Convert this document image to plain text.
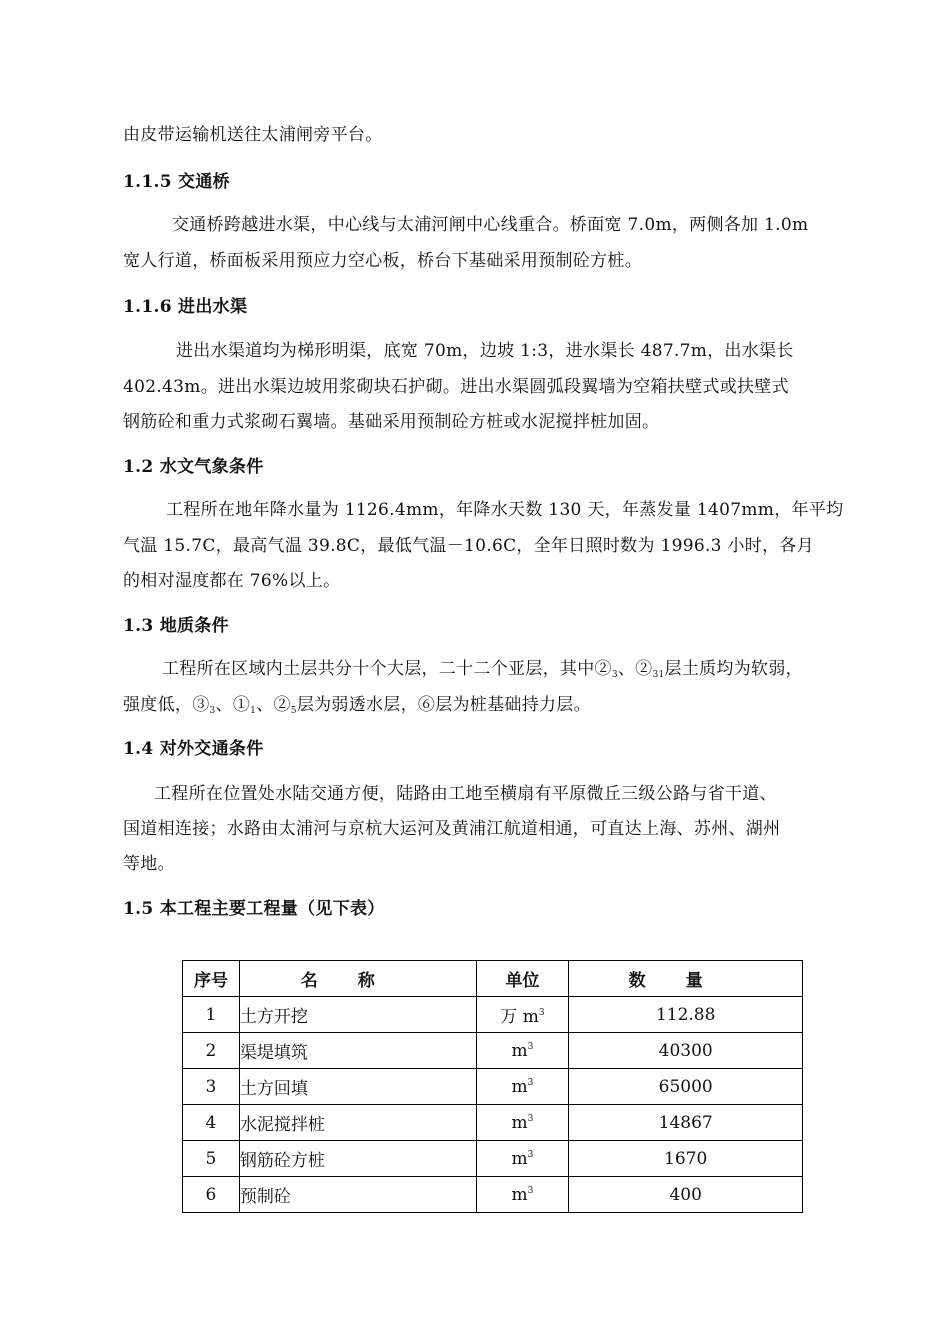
由皮带运输机送往太浦闸旁平台。
1.1.5 交通桥
交通桥跨越进水渠，中心线与太浦河闸中心线重合。桥面宽 7.0m，两侧各加 1.0m
宽人行道，桥面板采用预应力空心板，桥台下基础采用预制砼方桩。
1.1.6 进出水渠
进出水渠道均为梯形明渠，底宽 70m，边坡 1:3，进水渠长 487.7m，出水渠长
402.43m。进出水渠边坡用浆砌块石护砌。进出水渠圆弧段翼墙为空箱扶壁式或扶壁式
钢筋砼和重力式浆砌石翼墙。基础采用预制砼方桩或水泥搅拌桩加固。
1.2 水文气象条件
工程所在地年降水量为 1126.4mm，年降水天数 130 天，年蒸发量 1407mm，年平均
气温 15.7C，最高气温 39.8C，最低气温－10.6C，全年日照时数为 1996.3 小时，各月
的相对湿度都在 76%以上。
1.3 地质条件
工程所在区域内土层共分十个大层，二十二个亚层，其中$②_3$、$②_{31}$层土质均为软弱，
强度低，$③_3$、$①_1$、$②_5$层为弱透水层，⑥层为桩基础持力层。
1.4 对外交通条件
工程所在位置处水陆交通方便，陆路由工地至横扇有平原微丘三级公路与省干道、
国道相连接；水路由太浦河与京杭大运河及黄浦江航道相通，可直达上海、苏州、湖州
等地。
1.5 本工程主要工程量（见下表）
序号	名称	单位	数量
1	土方开挖	万 $m^3$	112.88
2	渠堤填筑	$m^3$	40300
3	土方回填	$m^3$	65000
4	水泥搅拌桩	$m^3$	14867
5	钢筋砼方桩	$m^3$	1670
6	预制砼	$m^3$	400
